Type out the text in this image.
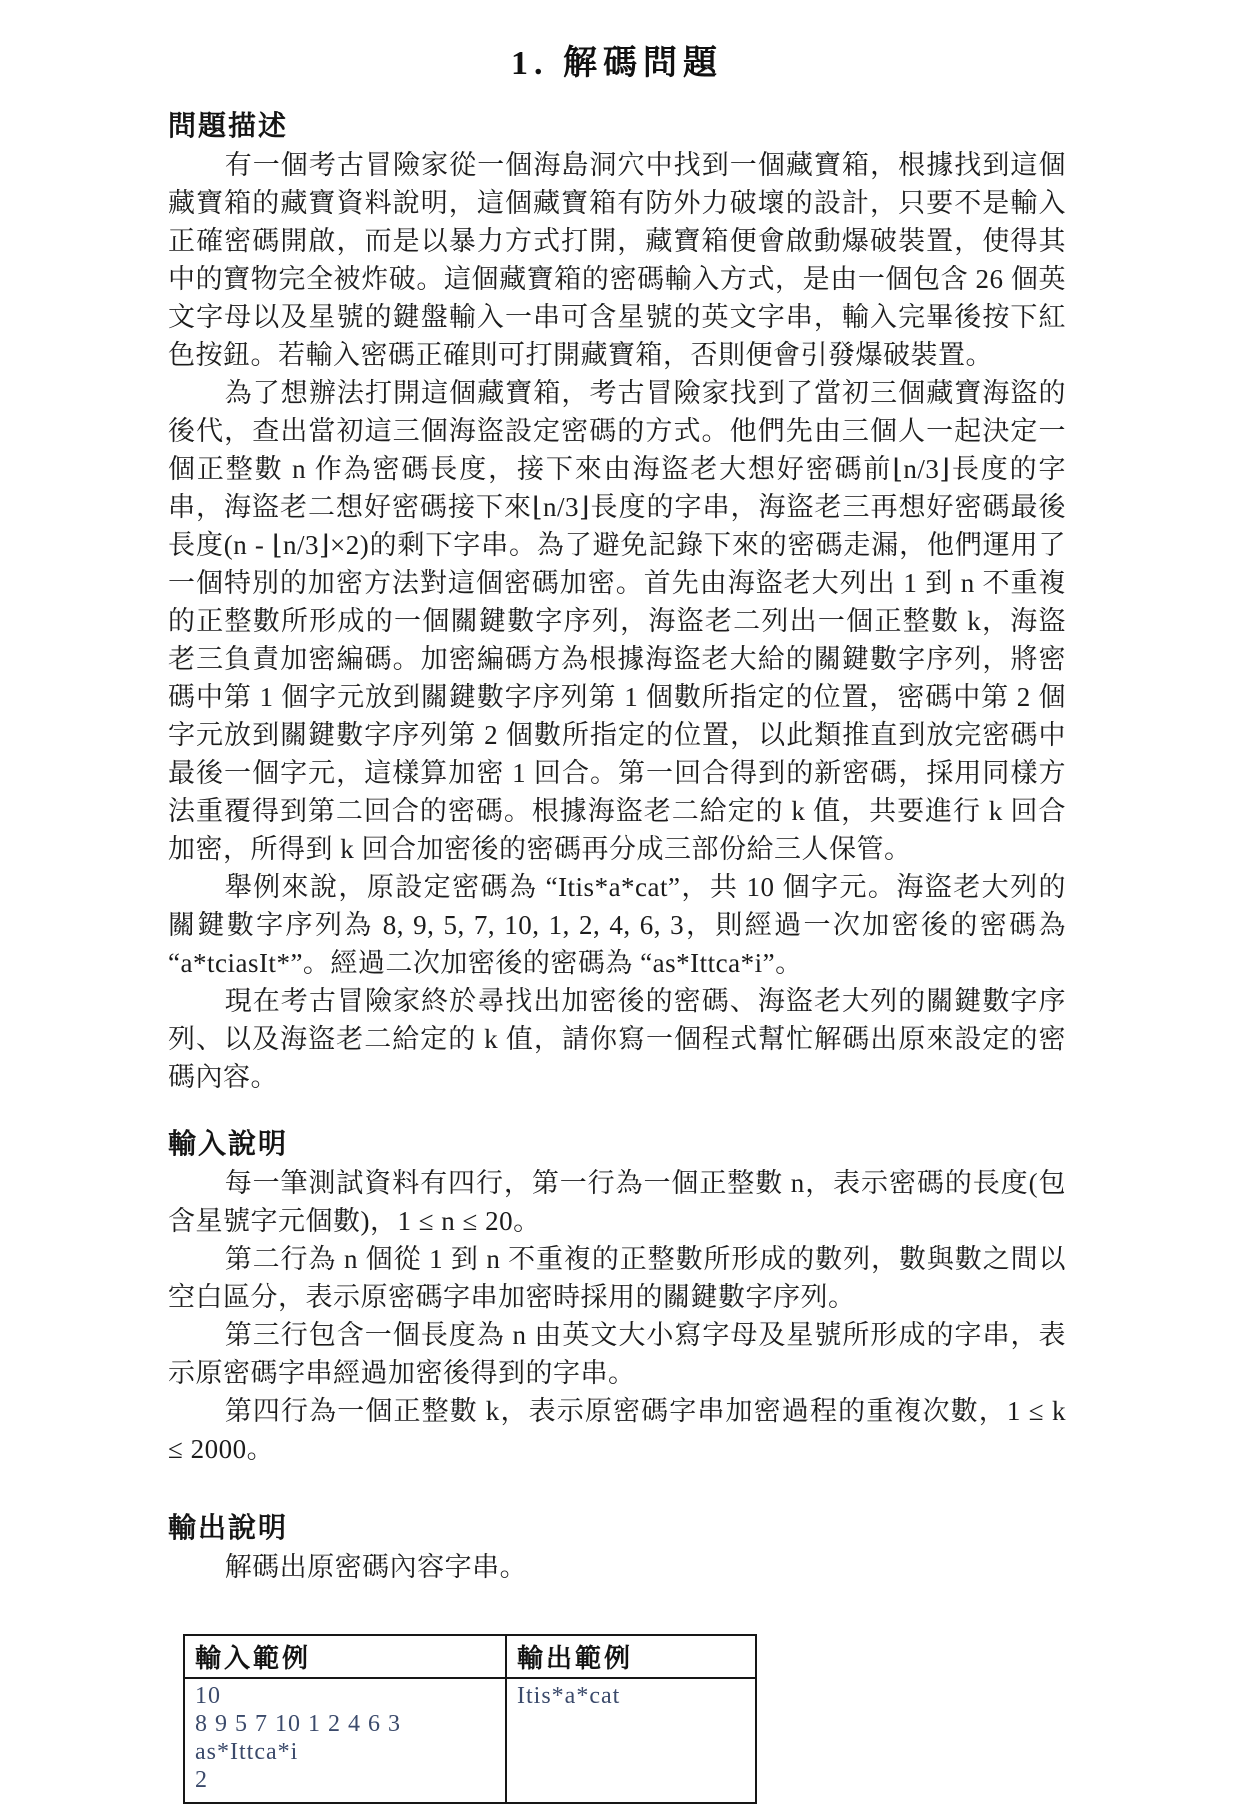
1. 解碼問題
問題描述

有一個考古冒險家從一個海島洞穴中找到一個藏寶箱，根據找到這個藏寶箱的藏寶資料說明，這個藏寶箱有防外力破壞的設計，只要不是輸入正確密碼開啟，而是以暴力方式打開，藏寶箱便會啟動爆破裝置，使得其中的寶物完全被炸破。這個藏寶箱的密碼輸入方式，是由一個包含 26 個英文字母以及星號的鍵盤輸入一串可含星號的英文字串，輸入完畢後按下紅色按鈕。若輸入密碼正確則可打開藏寶箱，否則便會引發爆破裝置。

為了想辦法打開這個藏寶箱，考古冒險家找到了當初三個藏寶海盜的後代，查出當初這三個海盜設定密碼的方式。他們先由三個人一起決定一個正整數 n 作為密碼長度，接下來由海盜老大想好密碼前⌊n/3⌋長度的字串，海盜老二想好密碼接下來⌊n/3⌋長度的字串，海盜老三再想好密碼最後長度(n - ⌊n/3⌋×2)的剩下字串。為了避免記錄下來的密碼走漏，他們運用了一個特別的加密方法對這個密碼加密。首先由海盜老大列出 1 到 n 不重複的正整數所形成的一個關鍵數字序列，海盜老二列出一個正整數 k，海盜老三負責加密編碼。加密編碼方為根據海盜老大給的關鍵數字序列，將密碼中第 1 個字元放到關鍵數字序列第 1 個數所指定的位置，密碼中第 2 個字元放到關鍵數字序列第 2 個數所指定的位置，以此類推直到放完密碼中最後一個字元，這樣算加密 1 回合。第一回合得到的新密碼，採用同樣方法重覆得到第二回合的密碼。根據海盜老二給定的 k 值，共要進行 k 回合加密，所得到 k 回合加密後的密碼再分成三部份給三人保管。

舉例來說，原設定密碼為 “Itis*a*cat”，共 10 個字元。海盜老大列的關鍵數字序列為 8, 9, 5, 7, 10, 1, 2, 4, 6, 3，則經過一次加密後的密碼為 “a*tciasIt*”。經過二次加密後的密碼為 “as*Ittca*i”。

現在考古冒險家終於尋找出加密後的密碼、海盜老大列的關鍵數字序列、以及海盜老二給定的 k 值，請你寫一個程式幫忙解碼出原來設定的密碼內容。

輸入說明

每一筆測試資料有四行，第一行為一個正整數 n，表示密碼的長度(包含星號字元個數)，1 ≤ n ≤ 20。

第二行為 n 個從 1 到 n 不重複的正整數所形成的數列，數與數之間以空白區分，表示原密碼字串加密時採用的關鍵數字序列。

第三行包含一個長度為 n 由英文大小寫字母及星號所形成的字串，表示原密碼字串經過加密後得到的字串。

第四行為一個正整數 k，表示原密碼字串加密過程的重複次數，1 ≤ k ≤ 2000。

輸出說明

解碼出原密碼內容字串。

輸入範例	輸出範例

10
8 9 5 7 10 1 2 4 6 3
as*Ittca*i
2	Itis*a*cat
